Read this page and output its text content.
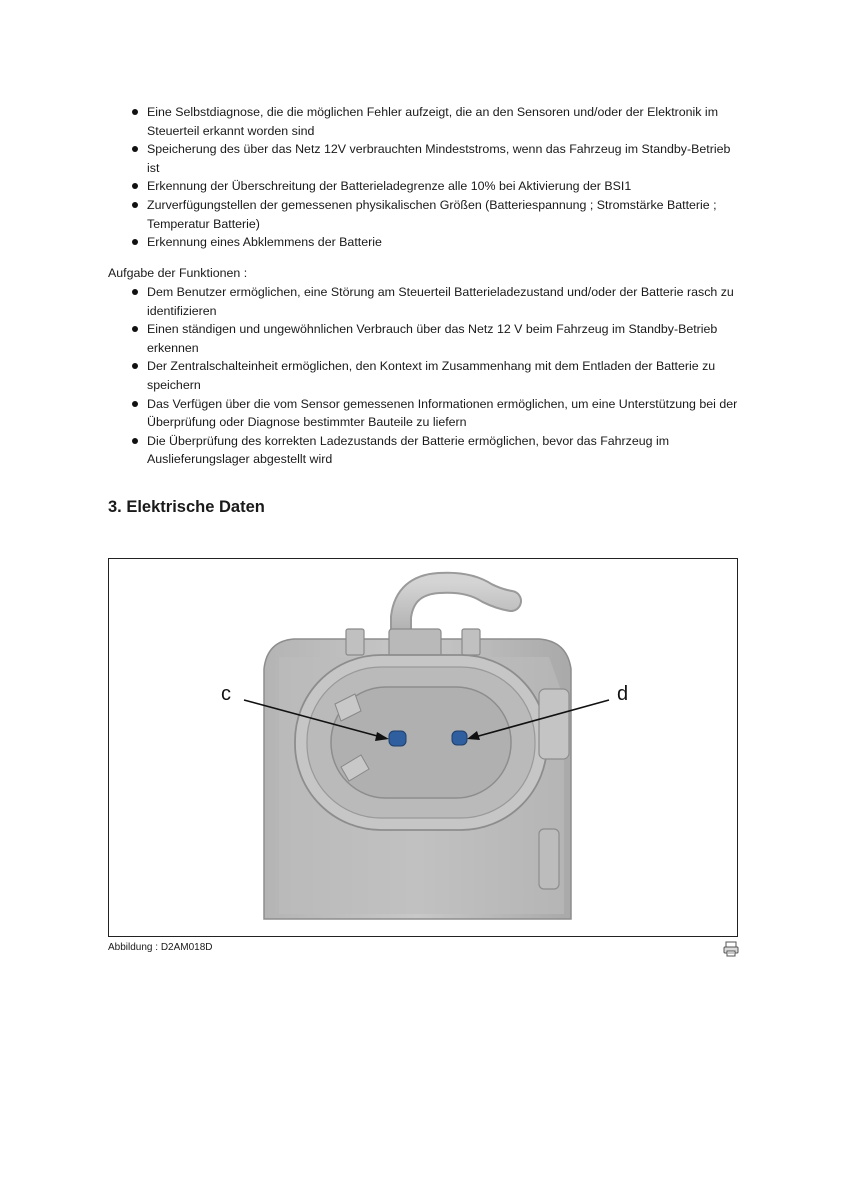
Eine Selbstdiagnose, die die möglichen Fehler aufzeigt, die an den Sensoren und/oder der Elektronik im Steuerteil erkannt worden sind
Speicherung des über das Netz 12V verbrauchten Mindeststroms, wenn das Fahrzeug im Standby-Betrieb ist
Erkennung der Überschreitung der Batterieladegrenze alle 10% bei Aktivierung der BSI1
Zurverfügungstellen der gemessenen physikalischen Größen (Batteriespannung ; Stromstärke Batterie ; Temperatur Batterie)
Erkennung eines Abklemmens der Batterie
Aufgabe der Funktionen :
Dem Benutzer ermöglichen, eine Störung am Steuerteil Batterieladezustand und/oder der Batterie rasch zu identifizieren
Einen ständigen und ungewöhnlichen Verbrauch über das Netz 12 V beim Fahrzeug im Standby-Betrieb erkennen
Der Zentralschalteinheit ermöglichen, den Kontext im Zusammenhang mit dem Entladen der Batterie zu speichern
Das Verfügen über die vom Sensor gemessenen Informationen ermöglichen, um eine Unterstützung bei der Überprüfung oder Diagnose bestimmter Bauteile zu liefern
Die Überprüfung des korrekten Ladezustands der Batterie ermöglichen, bevor das Fahrzeug im Auslieferungslager abgestellt wird
3. Elektrische Daten
c	d
Abbildung : D2AM018D
